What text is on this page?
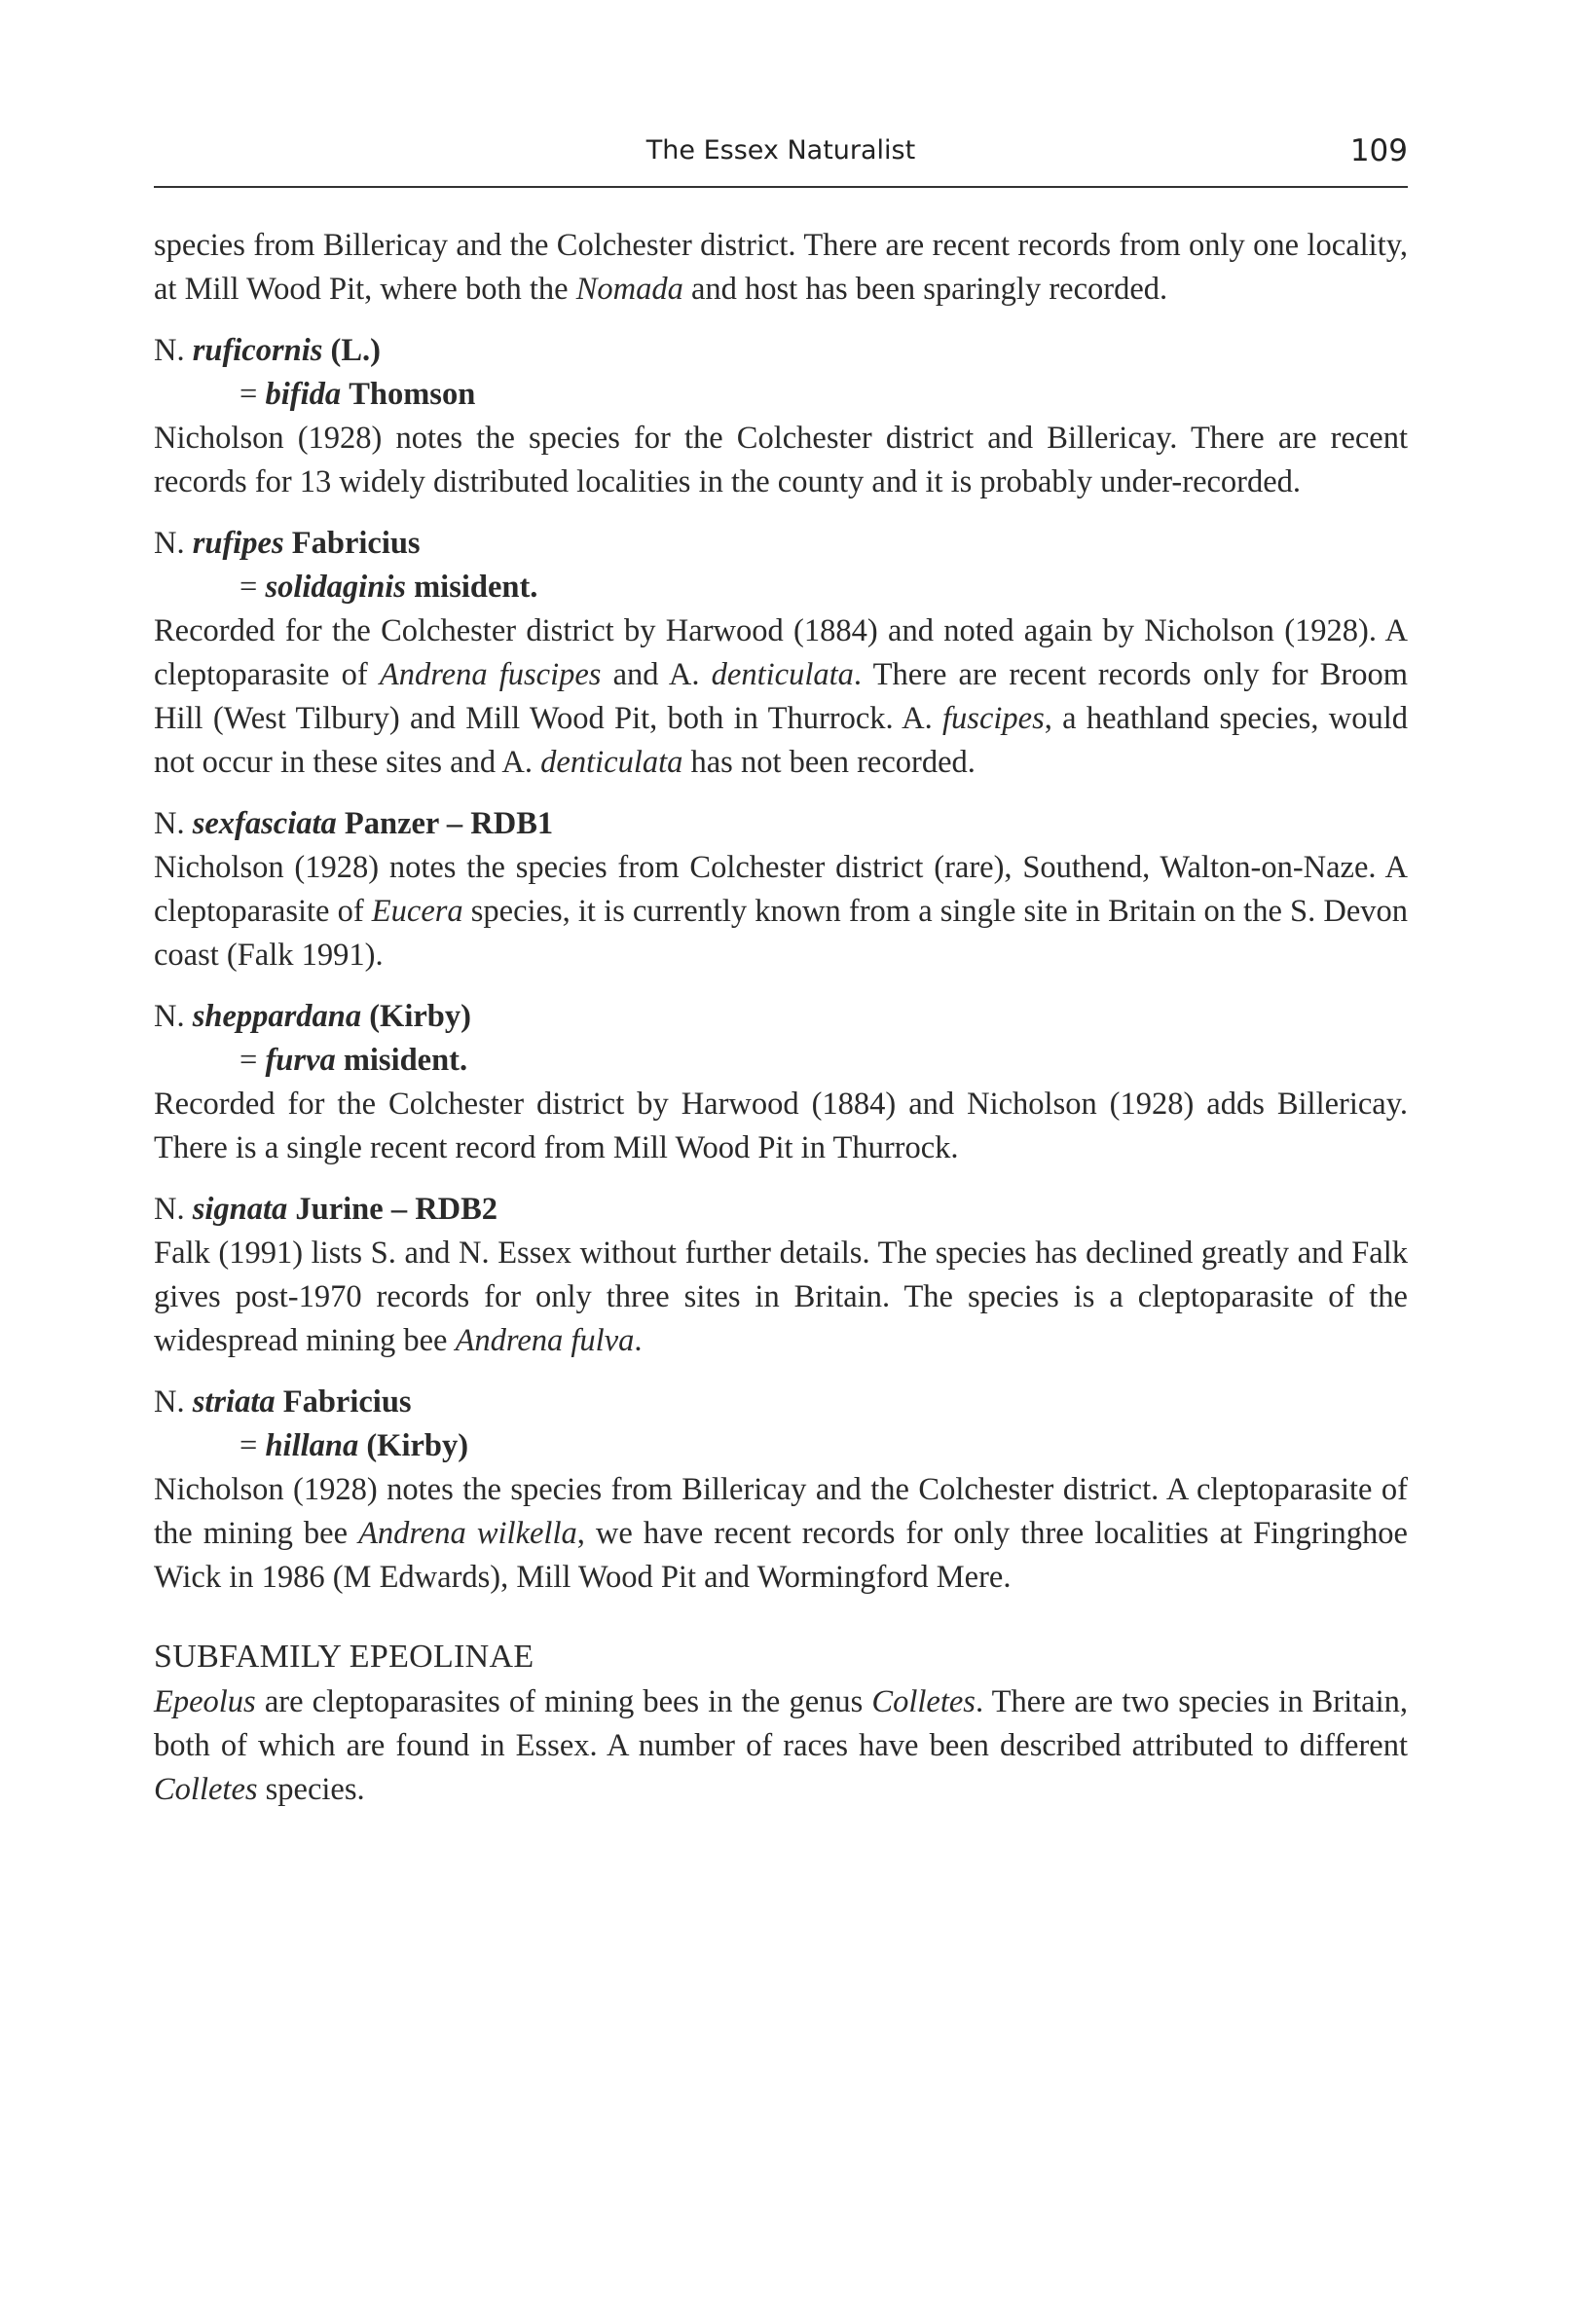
The Essex Naturalist	109

species from Billericay and the Colchester district. There are recent records from only one locality, at Mill Wood Pit, where both the Nomada and host has been sparingly recorded.

N. ruficornis (L.)
= bifida Thomson

Nicholson (1928) notes the species for the Colchester district and Billericay. There are recent records for 13 widely distributed localities in the county and it is probably under-recorded.

N. rufipes Fabricius
= solidaginis misident.

Recorded for the Colchester district by Harwood (1884) and noted again by Nicholson (1928). A cleptoparasite of Andrena fuscipes and A. denticulata. There are recent records only for Broom Hill (West Tilbury) and Mill Wood Pit, both in Thurrock. A. fuscipes, a heathland species, would not occur in these sites and A. denticulata has not been recorded.

N. sexfasciata Panzer – RDB1

Nicholson (1928) notes the species from Colchester district (rare), Southend, Walton-on-Naze. A cleptoparasite of Eucera species, it is currently known from a single site in Britain on the S. Devon coast (Falk 1991).

N. sheppardana (Kirby)
= furva misident.

Recorded for the Colchester district by Harwood (1884) and Nicholson (1928) adds Billericay. There is a single recent record from Mill Wood Pit in Thurrock.

N. signata Jurine – RDB2

Falk (1991) lists S. and N. Essex without further details. The species has declined greatly and Falk gives post-1970 records for only three sites in Britain. The species is a cleptoparasite of the widespread mining bee Andrena fulva.

N. striata Fabricius
= hillana (Kirby)

Nicholson (1928) notes the species from Billericay and the Colchester district. A cleptoparasite of the mining bee Andrena wilkella, we have recent records for only three localities at Fingringhoe Wick in 1986 (M Edwards), Mill Wood Pit and Wormingford Mere.

SUBFAMILY EPEOLINAE

Epeolus are cleptoparasites of mining bees in the genus Colletes. There are two species in Britain, both of which are found in Essex. A number of races have been described attributed to different Colletes species.
